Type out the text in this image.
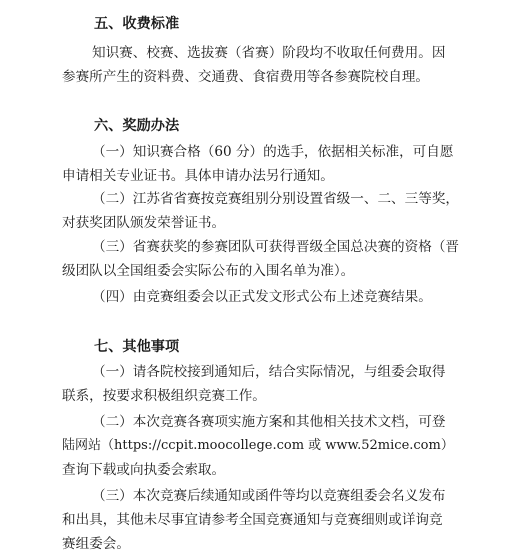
五、收费标准
知识赛、校赛、选拔赛（省赛）阶段均不收取任何费用。因
参赛所产生的资料费、交通费、食宿费用等各参赛院校自理。
六、奖励办法
（一）知识赛合格（60 分）的选手，依据相关标准，可自愿
申请相关专业证书。具体申请办法另行通知。
（二）江苏省省赛按竞赛组别分别设置省级一、二、三等奖，
对获奖团队颁发荣誉证书。
（三）省赛获奖的参赛团队可获得晋级全国总决赛的资格（晋
级团队以全国组委会实际公布的入围名单为准）。
（四）由竞赛组委会以正式发文形式公布上述竞赛结果。
七、其他事项
（一）请各院校接到通知后，结合实际情况，与组委会取得
联系，按要求积极组织竞赛工作。
（二）本次竞赛各赛项实施方案和其他相关技术文档，可登
陆网站（https://ccpit.moocollege.com 或 www.52mice.com）
查询下载或向执委会索取。
（三）本次竞赛后续通知或函件等均以竞赛组委会名义发布
和出具，其他未尽事宜请参考全国竞赛通知与竞赛细则或详询竞
赛组委会。
